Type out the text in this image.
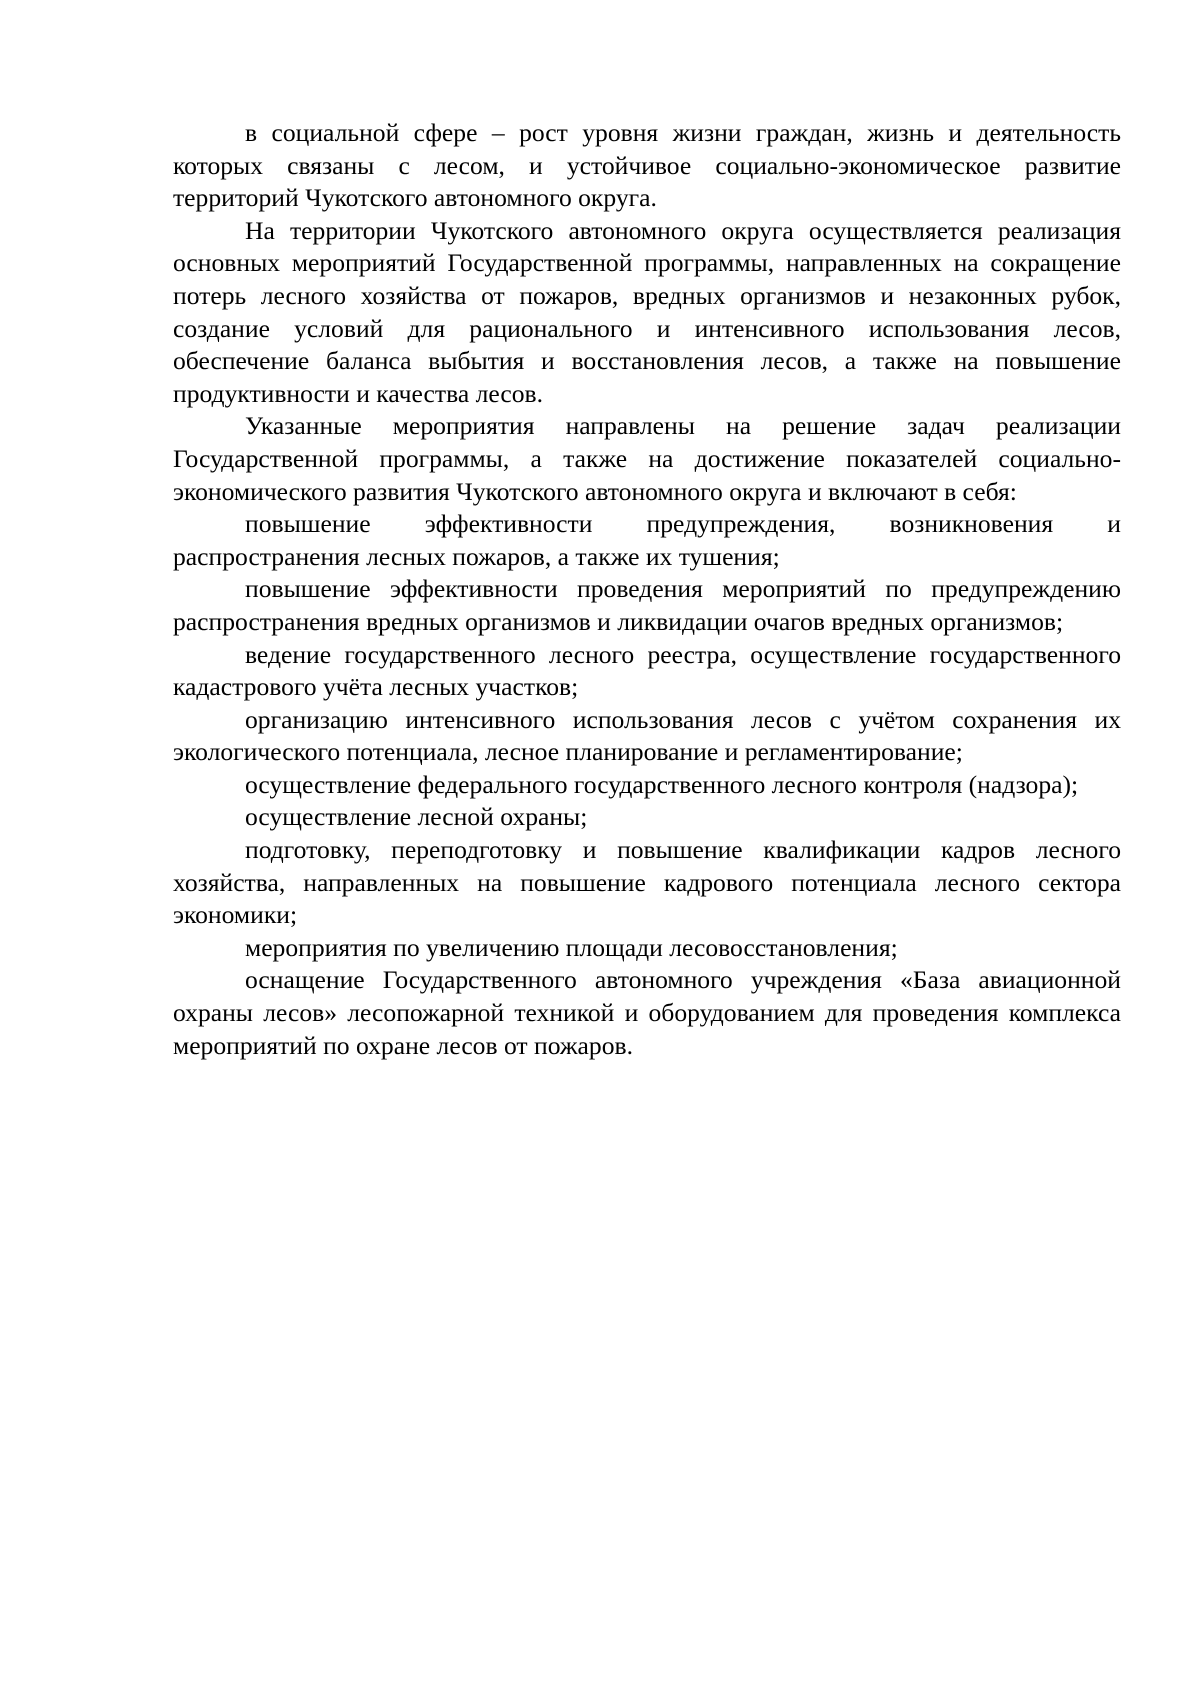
в социальной сфере – рост уровня жизни граждан, жизнь и деятельность которых связаны с лесом, и устойчивое социально-экономическое развитие территорий Чукотского автономного округа.

На территории Чукотского автономного округа осуществляется реализация основных мероприятий Государственной программы, направленных на сокращение потерь лесного хозяйства от пожаров, вредных организмов и незаконных рубок, создание условий для рационального и интенсивного использования лесов, обеспечение баланса выбытия и восстановления лесов, а также на повышение продуктивности и качества лесов.

Указанные мероприятия направлены на решение задач реализации Государственной программы, а также на достижение показателей социально-экономического развития Чукотского автономного округа и включают в себя:

повышение эффективности предупреждения, возникновения и распространения лесных пожаров, а также их тушения;

повышение эффективности проведения мероприятий по предупреждению распространения вредных организмов и ликвидации очагов вредных организмов;

ведение государственного лесного реестра, осуществление государственного кадастрового учёта лесных участков;

организацию интенсивного использования лесов с учётом сохранения их экологического потенциала, лесное планирование и регламентирование;

осуществление федерального государственного лесного контроля (надзора);

осуществление лесной охраны;

подготовку, переподготовку и повышение квалификации кадров лесного хозяйства, направленных на повышение кадрового потенциала лесного сектора экономики;

мероприятия по увеличению площади лесовосстановления;

оснащение Государственного автономного учреждения «База авиационной охраны лесов» лесопожарной техникой и оборудованием для проведения комплекса мероприятий по охране лесов от пожаров.
